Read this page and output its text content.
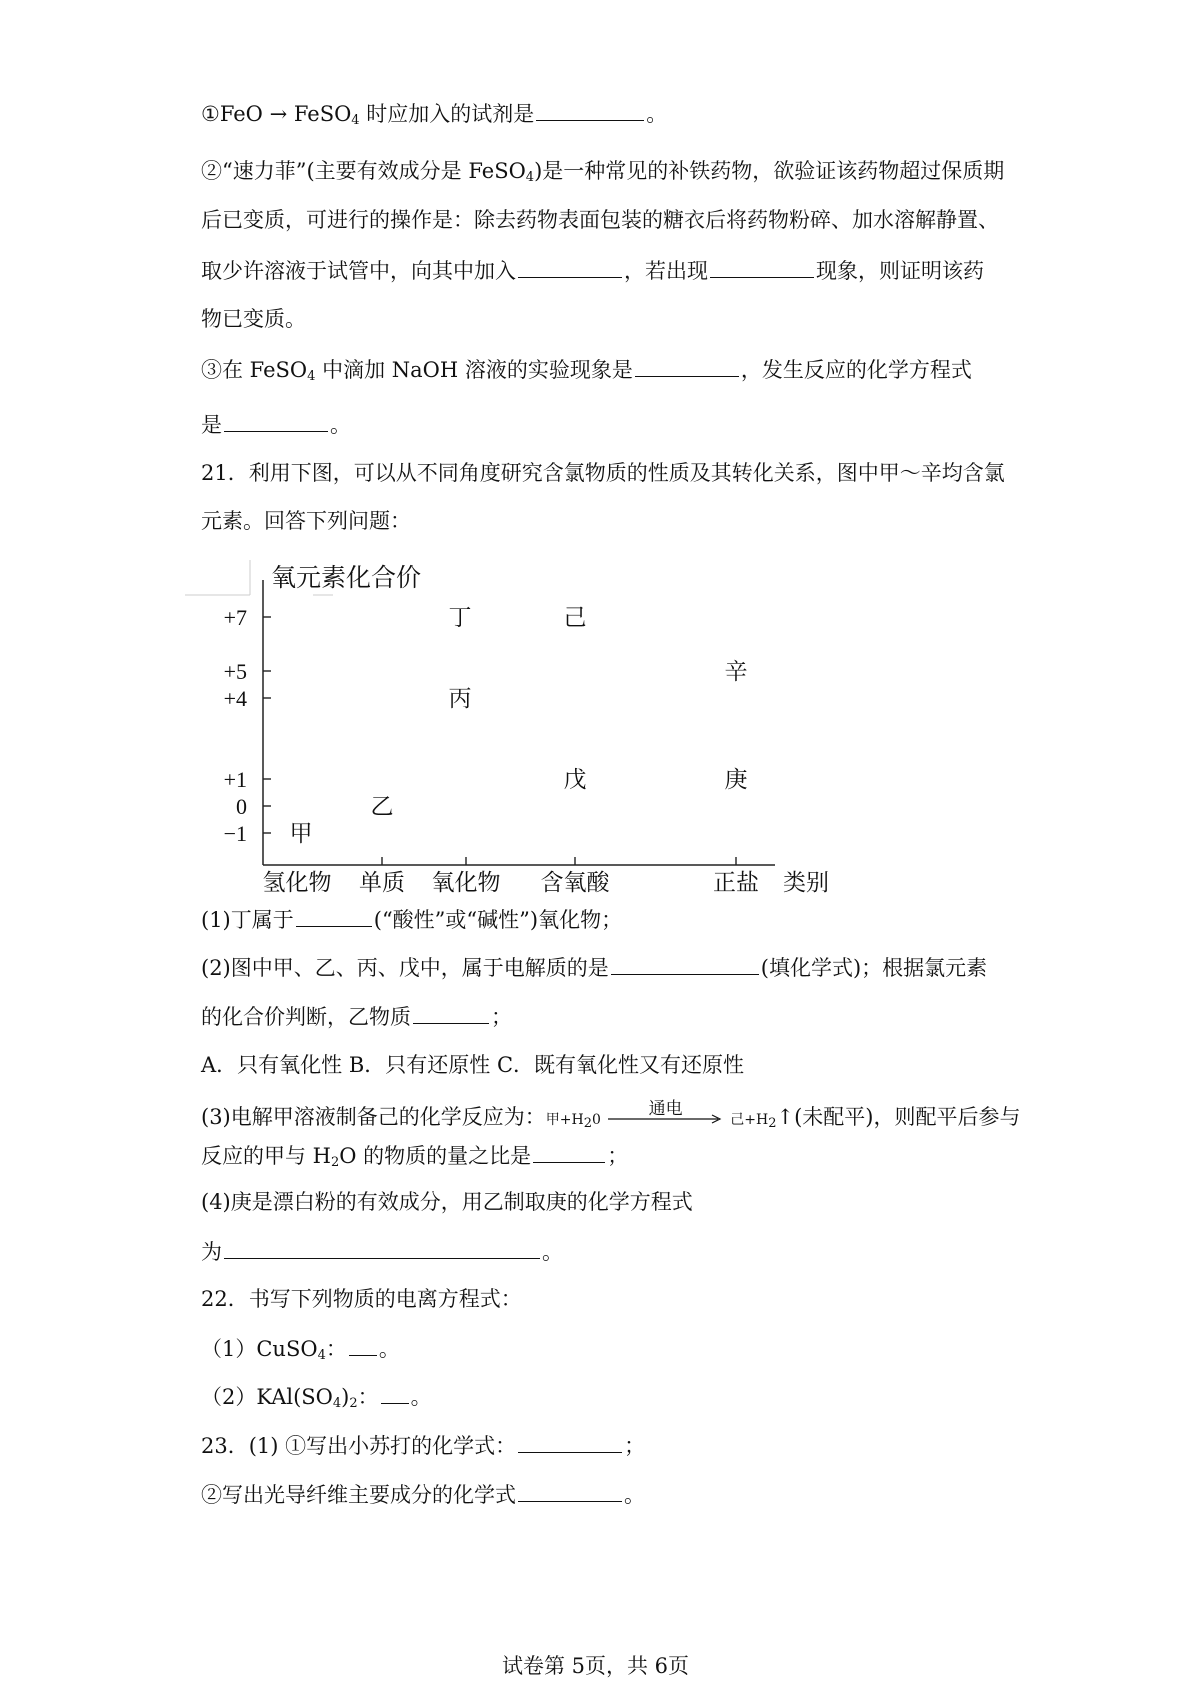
①FeO → FeSO$_4$ 时应加入的试剂是	。
②“速力菲”(主要有效成分是 FeSO$_4$)是一种常见的补铁药物，欲验证该药物超过保质期
后已变质，可进行的操作是：除去药物表面包装的糖衣后将药物粉碎、加水溶解静置、
取少许溶液于试管中，向其中加入	，若出现	现象，则证明该药
物已变质。
③在 FeSO$_4$ 中滴加 NaOH 溶液的实验现象是	，发生反应的化学方程式
是	。
21．利用下图，可以从不同角度研究含氯物质的性质及其转化关系，图中甲～辛均含氯
元素。回答下列问题：
氧元素化合价
类别
+7
+5
+4
+1
0
−1
氢化物 单质 氧化物 含氧酸	正盐
甲
乙
丙
丁
戊
己
庚
辛
(1)丁属于	(“酸性”或“碱性”)氧化物；
(2)图中甲、乙、丙、戊中，属于电解质的是	(填化学式)；根据氯元素
的化合价判断，乙物质	；
A．只有氧化性 B．只有还原性 C．既有氧化性又有还原性
(3)电解甲溶液制备己的化学反应为：甲$+H_20$
通电
己$+H_2↑$(未配平)，则配平后参与
反应的甲与 $H_2O$ 的物质的量之比是	；
(4)庚是漂白粉的有效成分，用乙制取庚的化学方程式
为	。
22．书写下列物质的电离方程式：
（1）CuSO$_4$： 。
$(2)KAl(SO_4)_2$： 。
23．(1) ①写出小苏打的化学式：	；
②写出光导纤维主要成分的化学式	。
试卷第 5页，共 6页
